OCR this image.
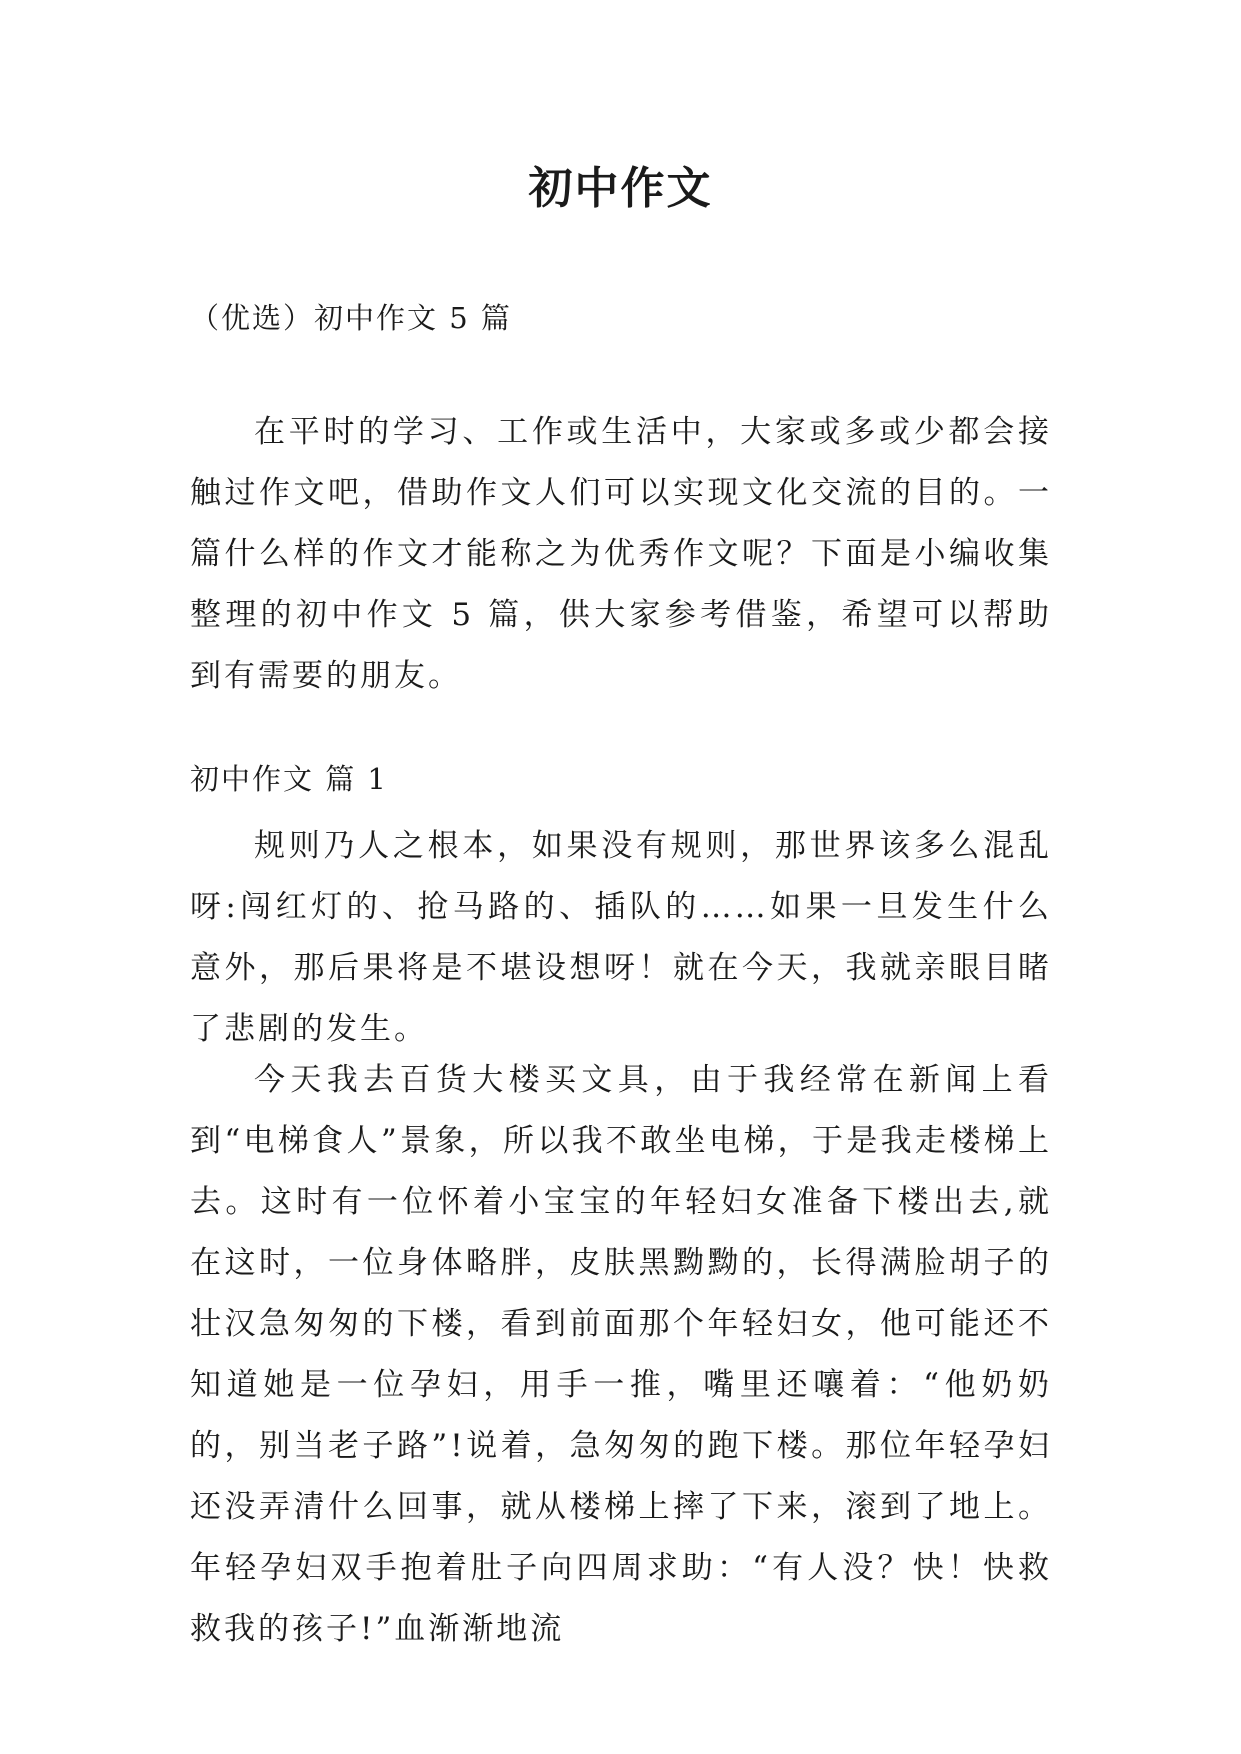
初中作文

（优选）初中作文 5 篇

在平时的学习、工作或生活中，大家或多或少都会接触过作文吧，借助作文人们可以实现文化交流的目的。一篇什么样的作文才能称之为优秀作文呢？下面是小编收集整理的初中作文 5 篇，供大家参考借鉴，希望可以帮助到有需要的朋友。

初中作文 篇 1

规则乃人之根本，如果没有规则，那世界该多么混乱呀:闯红灯的、抢马路的、插队的……如果一旦发生什么意外，那后果将是不堪设想呀！就在今天，我就亲眼目睹了悲剧的发生。

今天我去百货大楼买文具，由于我经常在新闻上看到“电梯食人”景象，所以我不敢坐电梯，于是我走楼梯上去。这时有一位怀着小宝宝的年轻妇女准备下楼出去,就在这时，一位身体略胖，皮肤黑黝黝的，长得满脸胡子的壮汉急匆匆的下楼，看到前面那个年轻妇女，他可能还不知道她是一位孕妇，用手一推，嘴里还嚷着：“他奶奶的，别当老子路”!说着，急匆匆的跑下楼。那位年轻孕妇还没弄清什么回事，就从楼梯上摔了下来，滚到了地上。年轻孕妇双手抱着肚子向四周求助：“有人没？快！快救救我的孩子!”血渐渐地流
